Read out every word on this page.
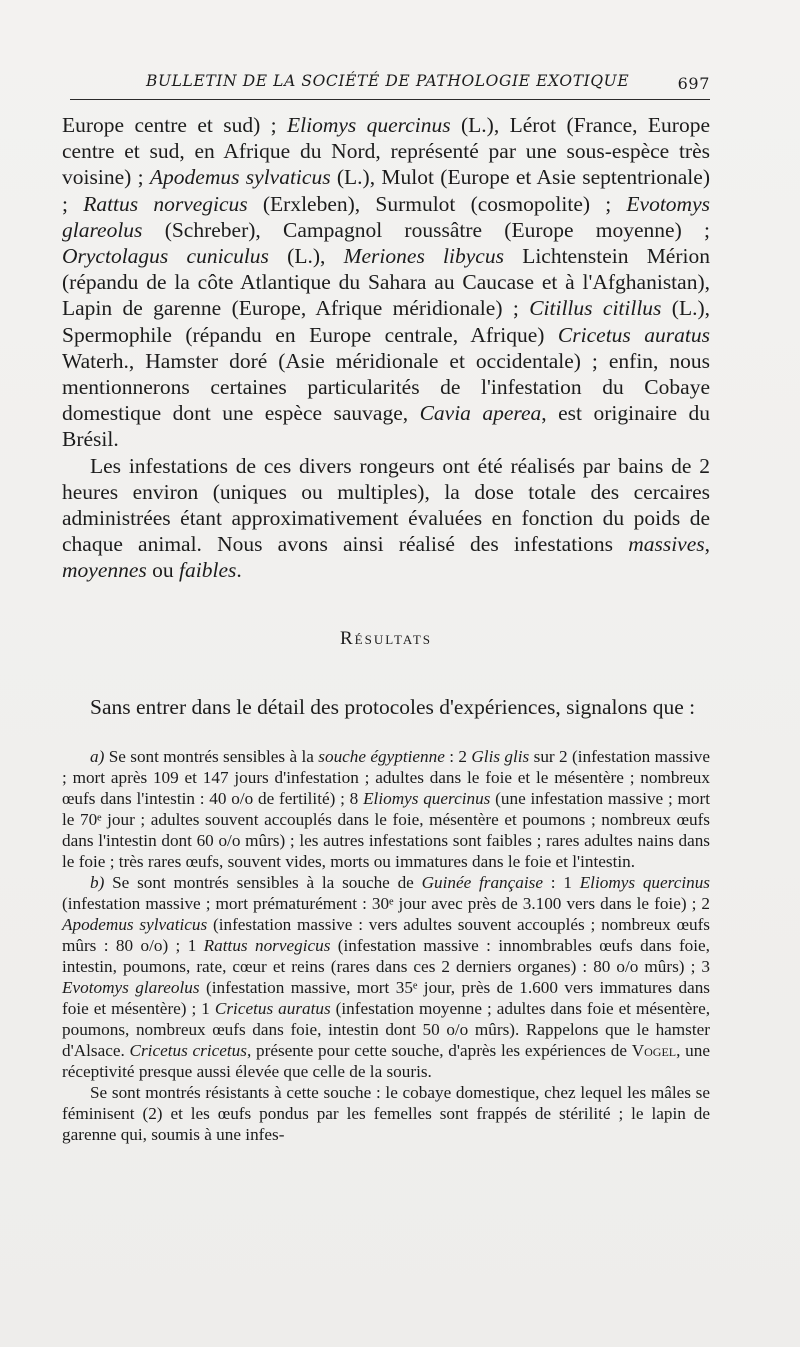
BULLETIN DE LA SOCIÉTÉ DE PATHOLOGIE EXOTIQUE	697

Europe centre et sud) ; Eliomys quercinus (L.), Lérot (France, Europe centre et sud, en Afrique du Nord, représenté par une sous-espèce très voisine) ; Apodemus sylvaticus (L.), Mulot (Europe et Asie septentrionale) ; Rattus norvegicus (Erxleben), Surmulot (cosmopolite) ; Evotomys glareolus (Schreber), Campagnol roussâtre (Europe moyenne) ; Oryctolagus cuniculus (L.), Meriones libycus Lichtenstein Mérion (répandu de la côte Atlantique du Sahara au Caucase et à l'Afghanistan), Lapin de garenne (Europe, Afrique méridionale) ; Citillus citillus (L.), Spermophile (répandu en Europe centrale, Afrique) Cricetus auratus Waterh., Hamster doré (Asie méridionale et occidentale) ; enfin, nous mentionnerons certaines particularités de l'infestation du Cobaye domestique dont une espèce sauvage, Cavia aperea, est originaire du Brésil.

Les infestations de ces divers rongeurs ont été réalisés par bains de 2 heures environ (uniques ou multiples), la dose totale des cercaires administrées étant approximativement évaluées en fonction du poids de chaque animal. Nous avons ainsi réalisé des infestations massives, moyennes ou faibles.

Résultats

Sans entrer dans le détail des protocoles d'expériences, signalons que :

a) Se sont montrés sensibles à la souche égyptienne : 2 Glis glis sur 2 (infestation massive ; mort après 109 et 147 jours d'infestation ; adultes dans le foie et le mésentère ; nombreux œufs dans l'intestin : 40 o/o de fertilité) ; 8 Eliomys quercinus (une infestation massive ; mort le 70ᵉ jour ; adultes souvent accouplés dans le foie, mésentère et poumons ; nombreux œufs dans l'intestin dont 60 o/o mûrs) ; les autres infestations sont faibles ; rares adultes nains dans le foie ; très rares œufs, souvent vides, morts ou immatures dans le foie et l'intestin.

b) Se sont montrés sensibles à la souche de Guinée française : 1 Eliomys quercinus (infestation massive ; mort prématurément : 30ᵉ jour avec près de 3.100 vers dans le foie) ; 2 Apodemus sylvaticus (infestation massive : vers adultes souvent accouplés ; nombreux œufs mûrs : 80 o/o) ; 1 Rattus norvegicus (infestation massive : innombrables œufs dans foie, intestin, poumons, rate, cœur et reins (rares dans ces 2 derniers organes) : 80 o/o mûrs) ; 3 Evotomys glareolus (infestation massive, mort 35ᵉ jour, près de 1.600 vers immatures dans foie et mésentère) ; 1 Cricetus auratus (infestation moyenne ; adultes dans foie et mésentère, poumons, nombreux œufs dans foie, intestin dont 50 o/o mûrs). Rappelons que le hamster d'Alsace. Cricetus cricetus, présente pour cette souche, d'après les expériences de Vogel, une réceptivité presque aussi élevée que celle de la souris.

Se sont montrés résistants à cette souche : le cobaye domestique, chez lequel les mâles se féminisent (2) et les œufs pondus par les femelles sont frappés de stérilité ; le lapin de garenne qui, soumis à une infes-
